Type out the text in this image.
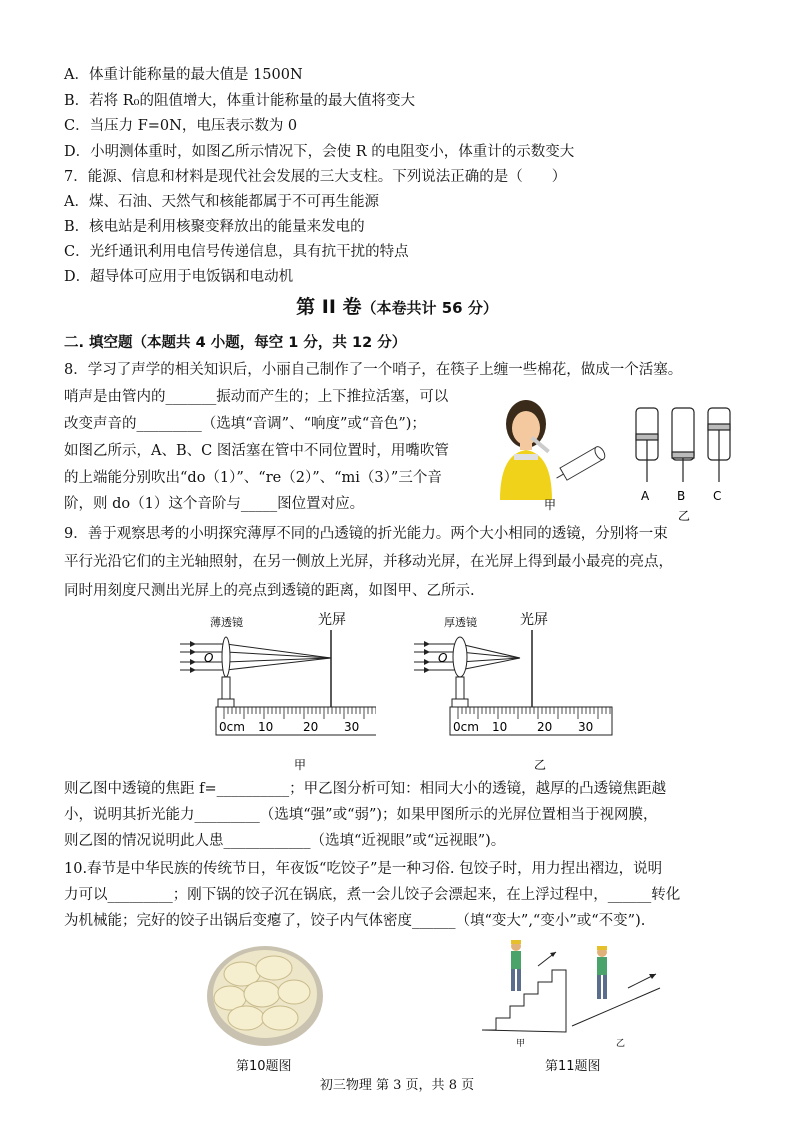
A．体重计能称量的最大值是 1500N
B．若将 R₀的阻值增大，体重计能称量的最大值将变大
C．当压力 F=0N，电压表示数为 0
D．小明测体重时，如图乙所示情况下，会使 R 的电阻变小，体重计的示数变大
7．能源、信息和材料是现代社会发展的三大支柱。下列说法正确的是（　　）
A．煤、石油、天然气和核能都属于不可再生能源
B．核电站是利用核聚变释放出的能量来发电的
C．光纤通讯利用电信号传递信息，具有抗干扰的特点
D．超导体可应用于电饭锅和电动机
第 II 卷（本卷共计 56 分）
二. 填空题（本题共 4 小题，每空 1 分，共 12 分）
8．学习了声学的相关知识后，小丽自己制作了一个哨子，在筷子上缠一些棉花，做成一个活塞。
哨声是由管内的_______振动而产生的；上下推拉活塞，可以
改变声音的_________（选填“音调”、“响度”或“音色”)；
如图乙所示，A、B、C 图活塞在管中不同位置时，用嘴吹管
的上端能分别吹出“do（1）”、“re（2）”、“mi（3）”三个音
阶，则 do（1）这个音阶与_____图位置对应。	甲
A B C
乙
9．善于观察思考的小明探究薄厚不同的凸透镜的折光能力。两个大小相同的透镜，分别将一束
平行光沿它们的主光轴照射，在另一侧放上光屏，并移动光屏，在光屏上得到最小最亮的亮点，
同时用刻度尺测出光屏上的亮点到透镜的距离，如图甲、乙所示.
薄透镜	光屏
O
0cm 10 20 30
甲
厚透镜	光屏
O
0cm 10 20 30
乙
则乙图中透镜的焦距 f=__________；甲乙图分析可知：相同大小的透镜，越厚的凸透镜焦距越
小，说明其折光能力_________（选填“强”或“弱”)；如果甲图所示的光屏位置相当于视网膜，
则乙图的情况说明此人患____________（选填“近视眼”或“远视眼”)。
10.春节是中华民族的传统节日，年夜饭“吃饺子”是一种习俗. 包饺子时，用力捏出褶边，说明
力可以_________；刚下锅的饺子沉在锅底，煮一会儿饺子会漂起来，在上浮过程中，______转化
为机械能；完好的饺子出锅后变瘪了，饺子内气体密度______（填“变大”,“变小”或“不变”).
第10题图
甲	乙
第11题图
初三物理 第 3 页，共 8 页
